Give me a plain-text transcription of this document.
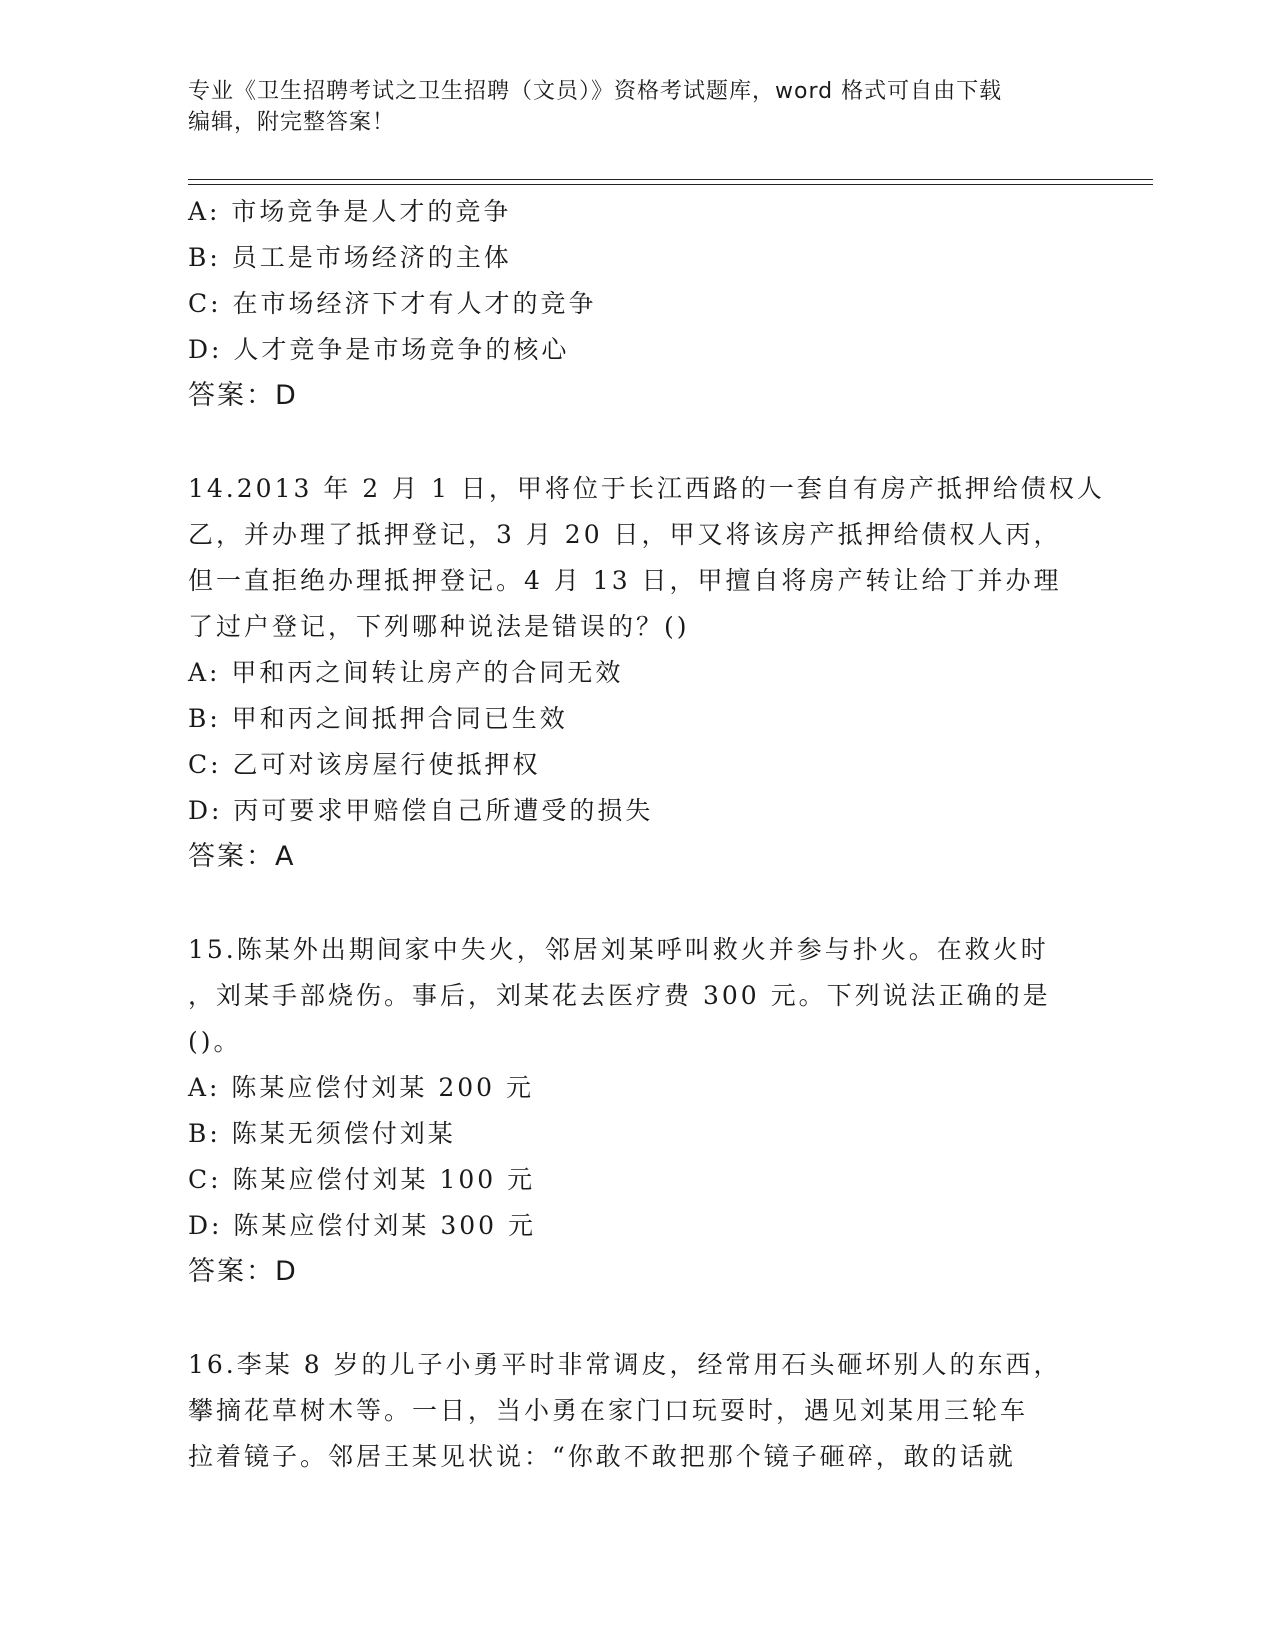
专业《卫生招聘考试之卫生招聘（文员）》资格考试题库，word 格式可自由下载
编辑，附完整答案！
A: 市场竞争是人才的竞争
B: 员工是市场经济的主体
C: 在市场经济下才有人才的竞争
D: 人才竞争是市场竞争的核心
答案：D
14.2013 年 2 月 1 日，甲将位于长江西路的一套自有房产抵押给债权人
乙，并办理了抵押登记，3 月 20 日，甲又将该房产抵押给债权人丙，
但一直拒绝办理抵押登记。4 月 13 日，甲擅自将房产转让给丁并办理
了过户登记，下列哪种说法是错误的？()
A: 甲和丙之间转让房产的合同无效
B: 甲和丙之间抵押合同已生效
C: 乙可对该房屋行使抵押权
D: 丙可要求甲赔偿自己所遭受的损失
答案：A
15.陈某外出期间家中失火，邻居刘某呼叫救火并参与扑火。在救火时
，刘某手部烧伤。事后，刘某花去医疗费 300 元。下列说法正确的是
()。
A: 陈某应偿付刘某 200 元
B: 陈某无须偿付刘某
C: 陈某应偿付刘某 100 元
D: 陈某应偿付刘某 300 元
答案：D
16.李某 8 岁的儿子小勇平时非常调皮，经常用石头砸坏别人的东西，
攀摘花草树木等。一日，当小勇在家门口玩耍时，遇见刘某用三轮车
拉着镜子。邻居王某见状说：“你敢不敢把那个镜子砸碎，敢的话就
